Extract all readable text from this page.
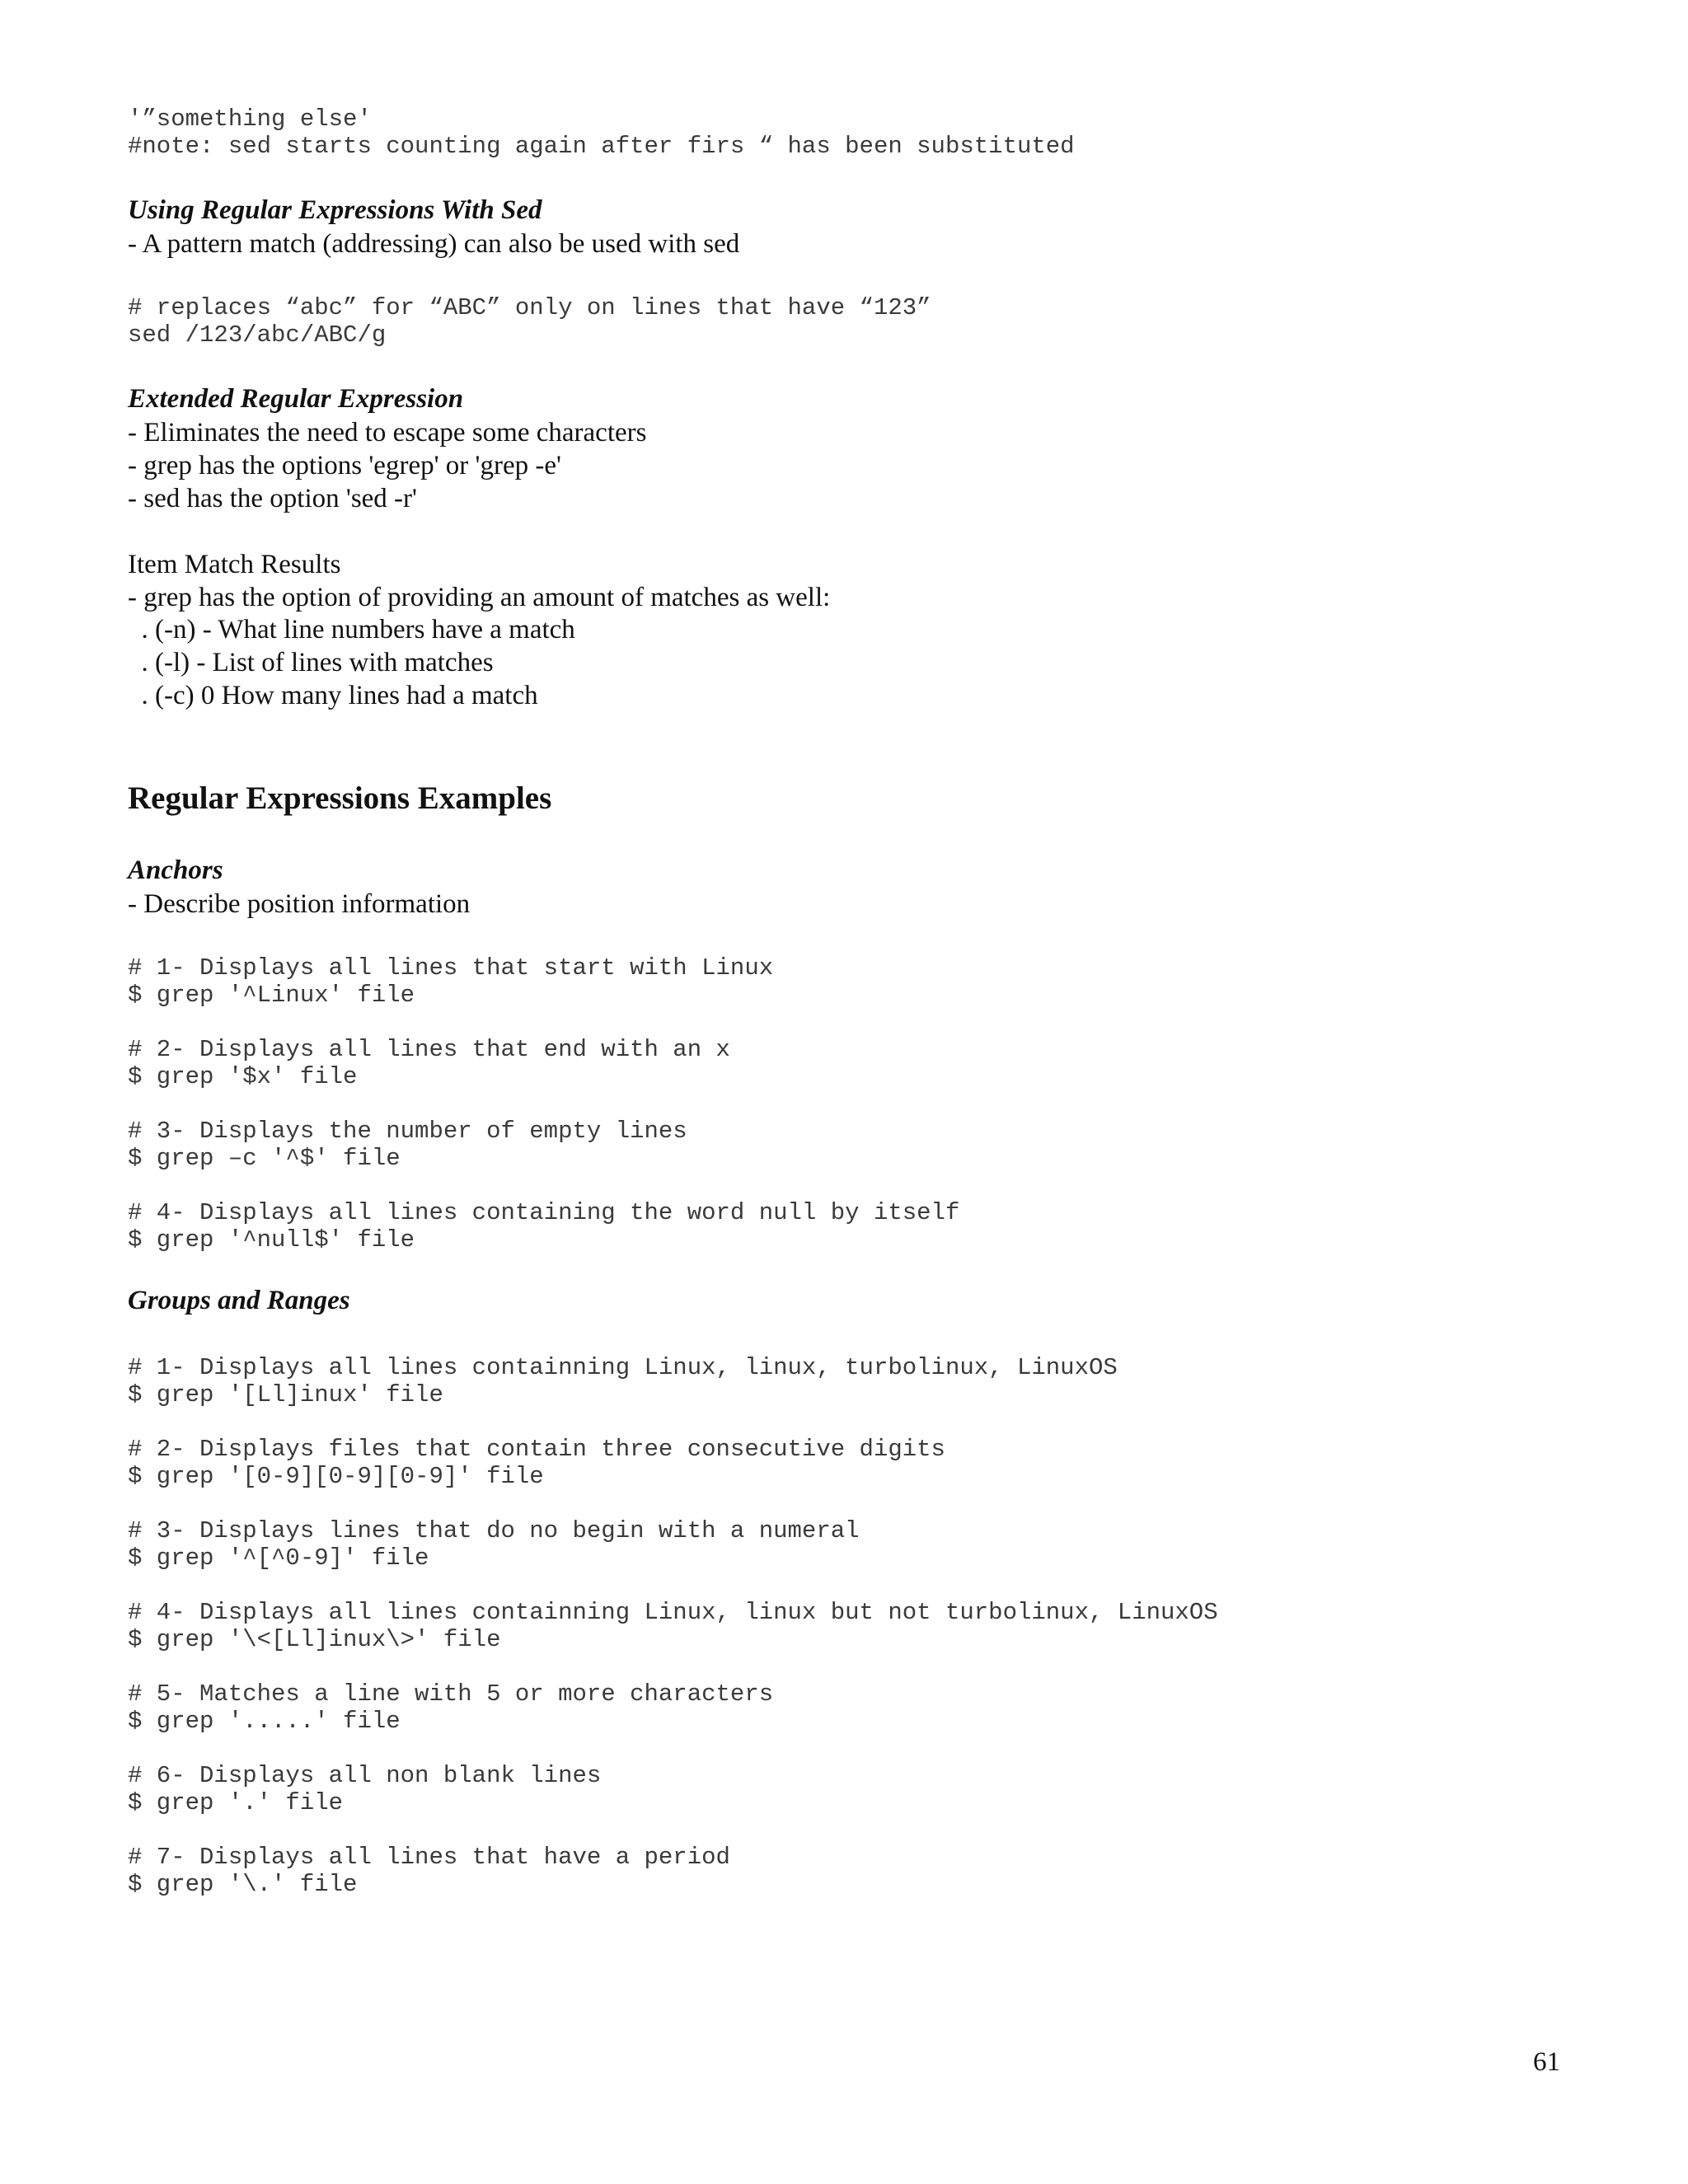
'”something else'
#note: sed starts counting again after firs “ has been substituted
Using Regular Expressions With Sed
- A pattern match (addressing) can also be used with sed
# replaces “abc” for “ABC” only on lines that have “123”
sed /123/abc/ABC/g
Extended Regular Expression
- Eliminates the need to escape some characters
- grep has the options 'egrep' or 'grep -e'
- sed has the option 'sed -r'
Item Match Results
- grep has the option of providing an amount of matches as well:
. (-n) - What line numbers have a match
. (-l) - List of lines with matches
. (-c) 0 How many lines had a match
Regular Expressions Examples
Anchors
- Describe position information
# 1- Displays all lines that start with Linux
$ grep '^Linux' file
# 2- Displays all lines that end with an x
$ grep '$x' file
# 3- Displays the number of empty lines
$ grep –c '^$' file
# 4- Displays all lines containing the word null by itself
$ grep '^null$' file
Groups and Ranges
# 1- Displays all lines containning Linux, linux, turbolinux, LinuxOS
$ grep '[Ll]inux' file
# 2- Displays files that contain three consecutive digits
$ grep '[0-9][0-9][0-9]' file
# 3- Displays lines that do no begin with a numeral
$ grep '^[^0-9]' file
# 4- Displays all lines containning Linux, linux but not turbolinux, LinuxOS
$ grep '\<[Ll]inux\>' file
# 5- Matches a line with 5 or more characters
$ grep '.....' file
# 6- Displays all non blank lines
$ grep '.' file
# 7- Displays all lines that have a period
$ grep '\.' file
61
